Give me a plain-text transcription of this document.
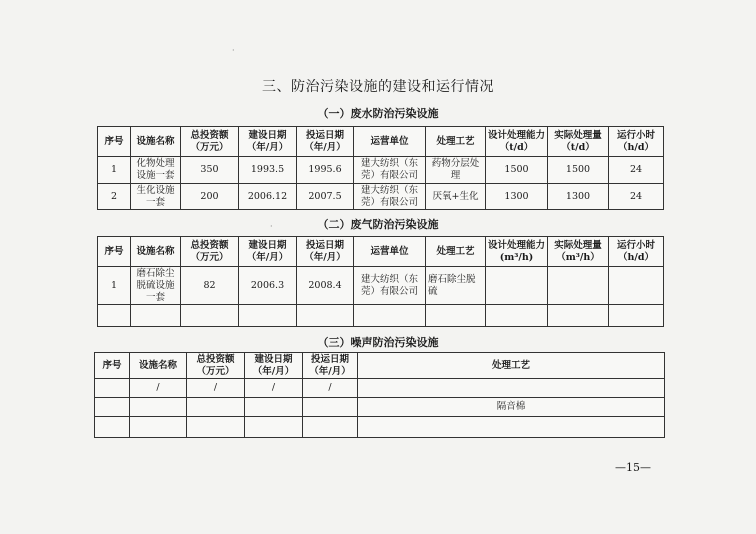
·
·
三、防治污染设施的建设和运行情况
（一）废水防治污染设施
序号	设施名称	总投资额（万元）	建设日期（年/月）	投运日期（年/月）	运营单位	处理工艺	设计处理能力（t/d）	实际处理量（t/d）	运行小时（h/d）
1	化物处理设施一套	350	1993.5	1995.6	建大纺织（东莞）有限公司	药物分层处理	1500	1500	24
2	生化设施一套	200	2006.12	2007.5	建大纺织（东莞）有限公司	厌氧+生化	1300	1300	24
（二）废气防治污染设施
序号	设施名称	总投资额（万元）	建设日期（年/月）	投运日期（年/月）	运营单位	处理工艺	设计处理能力(m³/h)	实际处理量（m³/h）	运行小时（h/d）
1	磨石除尘脱硫设施一套	82	2006.3	2008.4	建大纺织（东莞）有限公司	磨石除尘脱硫			

（三）噪声防治污染设施
序号	设施名称	总投资额（万元）	建设日期（年/月）	投运日期（年/月）	处理工艺
	/	/	/	/	
					隔音棉

—15—
